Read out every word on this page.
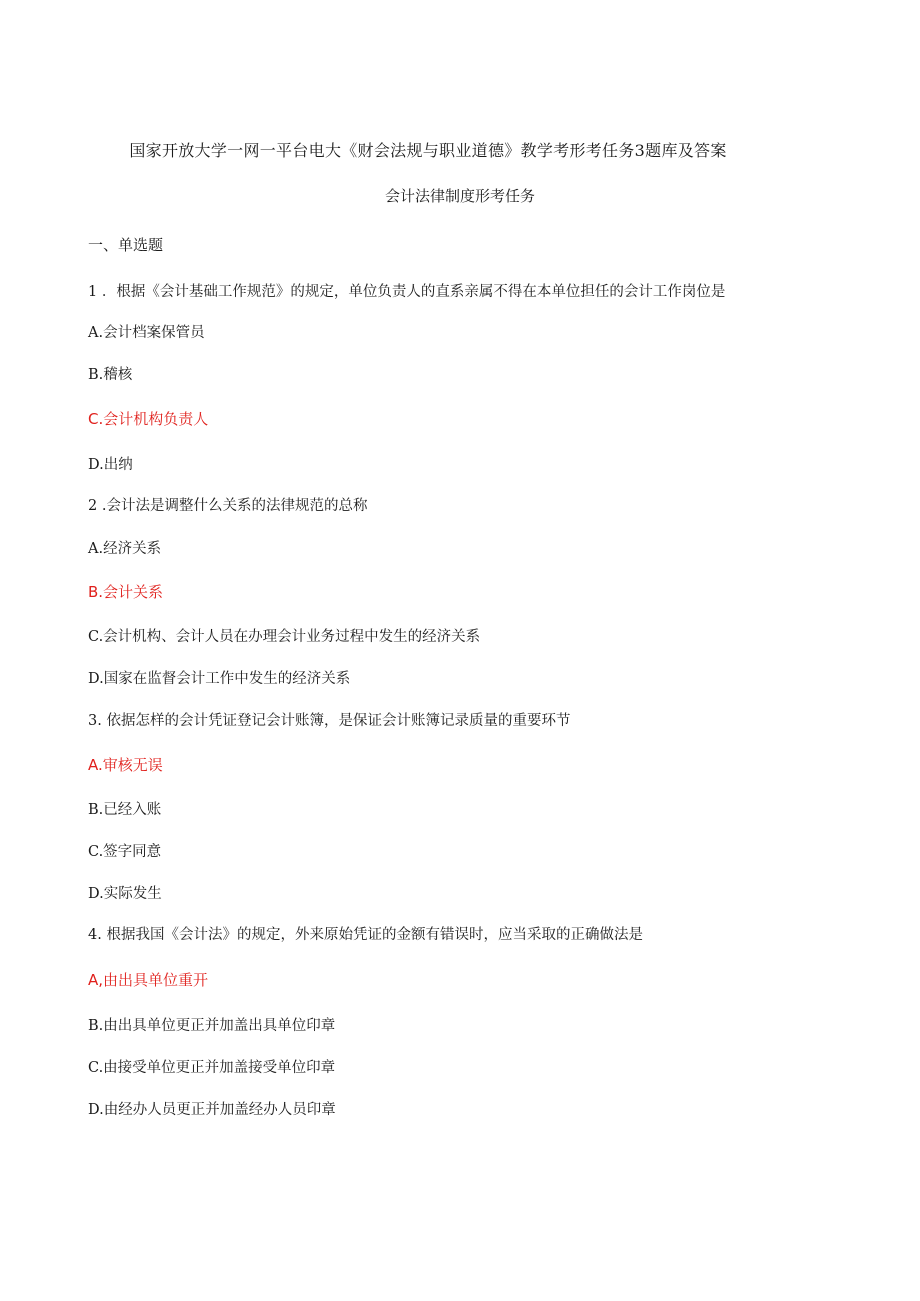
国家开放大学一网一平台电大《财会法规与职业道德》教学考形考任务3题库及答案
会计法律制度形考任务
一、单选题
1 ．根据《会计基础工作规范》的规定，单位负责人的直系亲属不得在本单位担任的会计工作岗位是
A.会计档案保管员
B.稽核
C.会计机构负责人
D.出纳
2 .会计法是调整什么关系的法律规范的总称
A.经济关系
B.会计关系
C.会计机构、会计人员在办理会计业务过程中发生的经济关系
D.国家在监督会计工作中发生的经济关系
3. 依据怎样的会计凭证登记会计账簿，是保证会计账簿记录质量的重要环节
A.审核无误
B.已经入账
C.签字同意
D.实际发生
4. 根据我国《会计法》的规定，外来原始凭证的金额有错误时，应当采取的正确做法是
A,由出具单位重开
B.由出具单位更正并加盖出具单位印章
C.由接受单位更正并加盖接受单位印章
D.由经办人员更正并加盖经办人员印章
